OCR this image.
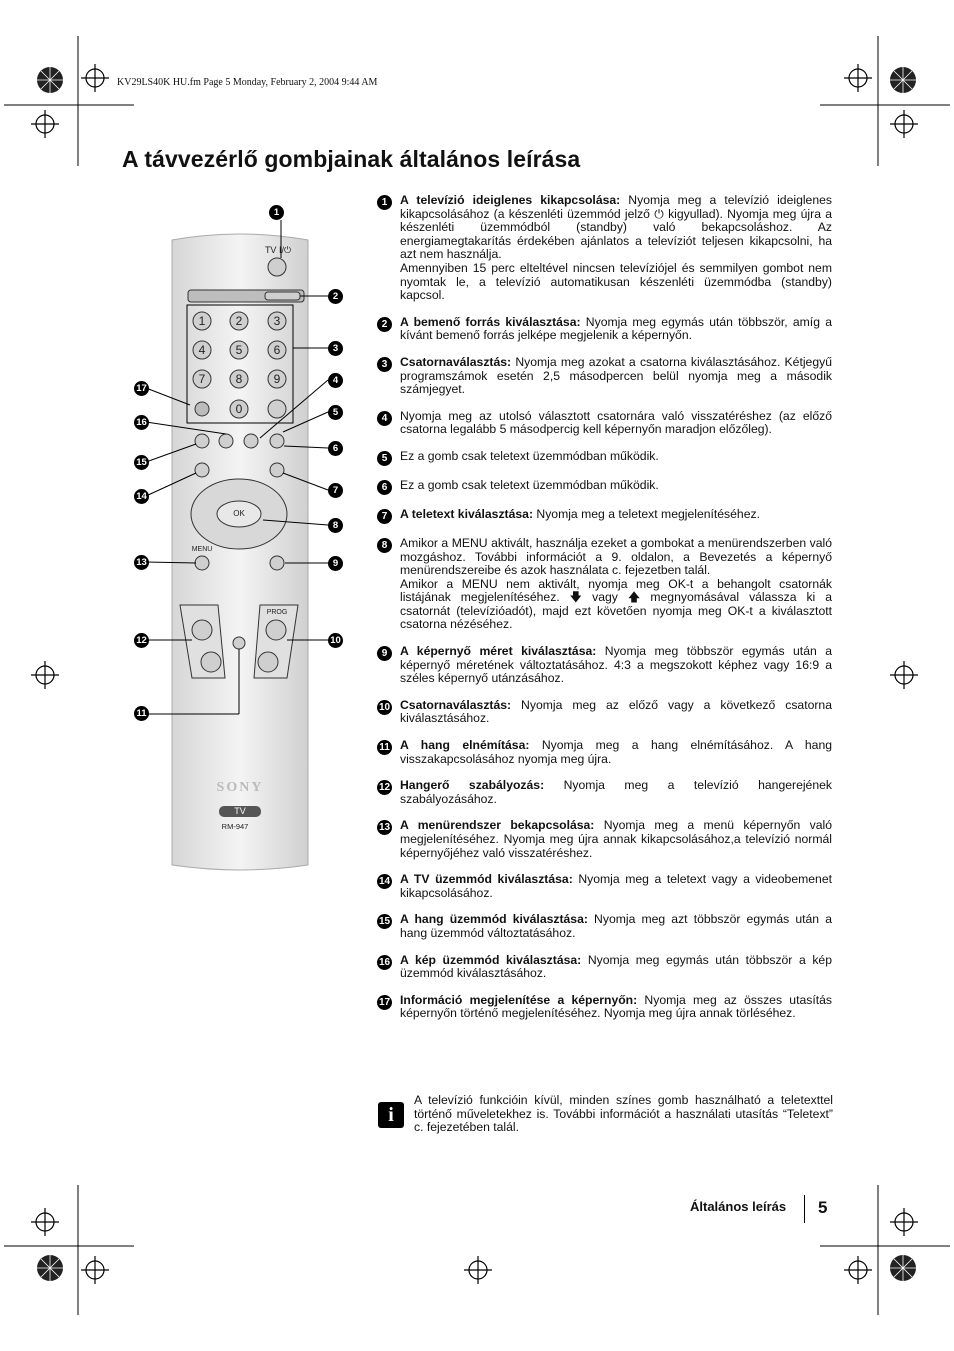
KV29LS40K HU.fm Page 5 Monday, February 2, 2004 9:44 AM
A távvezérlő gombjainak általános leírása
TV I/⏻
1	2	3
4	5	6
7	8	9
0
OK
MENU
PROG
SONY
TV
RM-947
1
2
3
4
5
6
7
8
9
10
11
12
13
14
15
16
17
1	A televízió ideiglenes kikapcsolása: Nyomja meg a televízió ideiglenes kikapcsolásához (a készenléti üzemmód jelző ⏻ kigyullad). Nyomja meg újra a készenléti üzemmódból (standby) való bekapcsoláshoz. Az energiamegtakarítás érdekében ajánlatos a televíziót teljesen kikapcsolni, ha azt nem használja.
Amennyiben 15 perc elteltével nincsen televíziójel és semmilyen gombot nem nyomtak le, a televízió automatikusan készenléti üzemmódba (standby) kapcsol.
2	A bemenő forrás kiválasztása: Nyomja meg egymás után többször, amíg a kívánt bemenő forrás jelképe megjelenik a képernyőn.
3	Csatornaválasztás: Nyomja meg azokat a csatorna kiválasztásához. Kétjegyű programszámok esetén 2,5 másodpercen belül nyomja meg a második számjegyet.
4	Nyomja meg az utolsó választott csatornára való visszatéréshez (az előző csatorna legalább 5 másodpercig kell képernyőn maradjon előzőleg).
5	Ez a gomb csak teletext üzemmódban működik.
6	Ez a gomb csak teletext üzemmódban működik.
7	A teletext kiválasztása: Nyomja meg a teletext megjelenítéséhez.
8	Amikor a MENU aktivált, használja ezeket a gombokat a menürendszerben való mozgáshoz. További információt a 9. oldalon, a Bevezetés a képernyő menürendszereibe és azok használata c. fejezetben talál.
Amikor a MENU nem aktivált, nyomja meg OK-t a behangolt csatornák listájának megjelenítéséhez. 🡇 vagy 🡅 megnyomásával válassza ki a csatornát (televízióadót), majd ezt követően nyomja meg OK-t a kiválasztott csatorna nézéséhez.
9	A képernyő méret kiválasztása: Nyomja meg többször egymás után a képernyő méretének változtatásához. 4:3 a megszokott képhez vagy 16:9 a széles képernyő utánzásához.
10 Csatornaválasztás: Nyomja meg az előző vagy a következő csatorna kiválasztásához.
11 A hang elnémítása: Nyomja meg a hang elnémításához. A hang visszakapcsolásához nyomja meg újra.
12 Hangerő szabályozás: Nyomja meg a televízió hangerejének szabályozásához.
13 A menürendszer bekapcsolása: Nyomja meg a menü képernyőn való megjelenítéséhez. Nyomja meg újra annak kikapcsolásához,a televízió normál képernyőjéhez való visszatéréshez.
14 A TV üzemmód kiválasztása: Nyomja meg a teletext vagy a videobemenet kikapcsolásához.
15 A hang üzemmód kiválasztása: Nyomja meg azt többször egymás után a hang üzemmód változtatásához.
16 A kép üzemmód kiválasztása: Nyomja meg egymás után többször a kép üzemmód kiválasztásához.
17 Információ megjelenítése a képernyőn: Nyomja meg az összes utasítás képernyőn történő megjelenítéséhez. Nyomja meg újra annak törléséhez.
i
A televízió funkcióin kívül, minden színes gomb használható a teletexttel történő műveletekhez is. További információt a használati utasítás “Teletext” c. fejezetében talál.
Általános leírás 5
